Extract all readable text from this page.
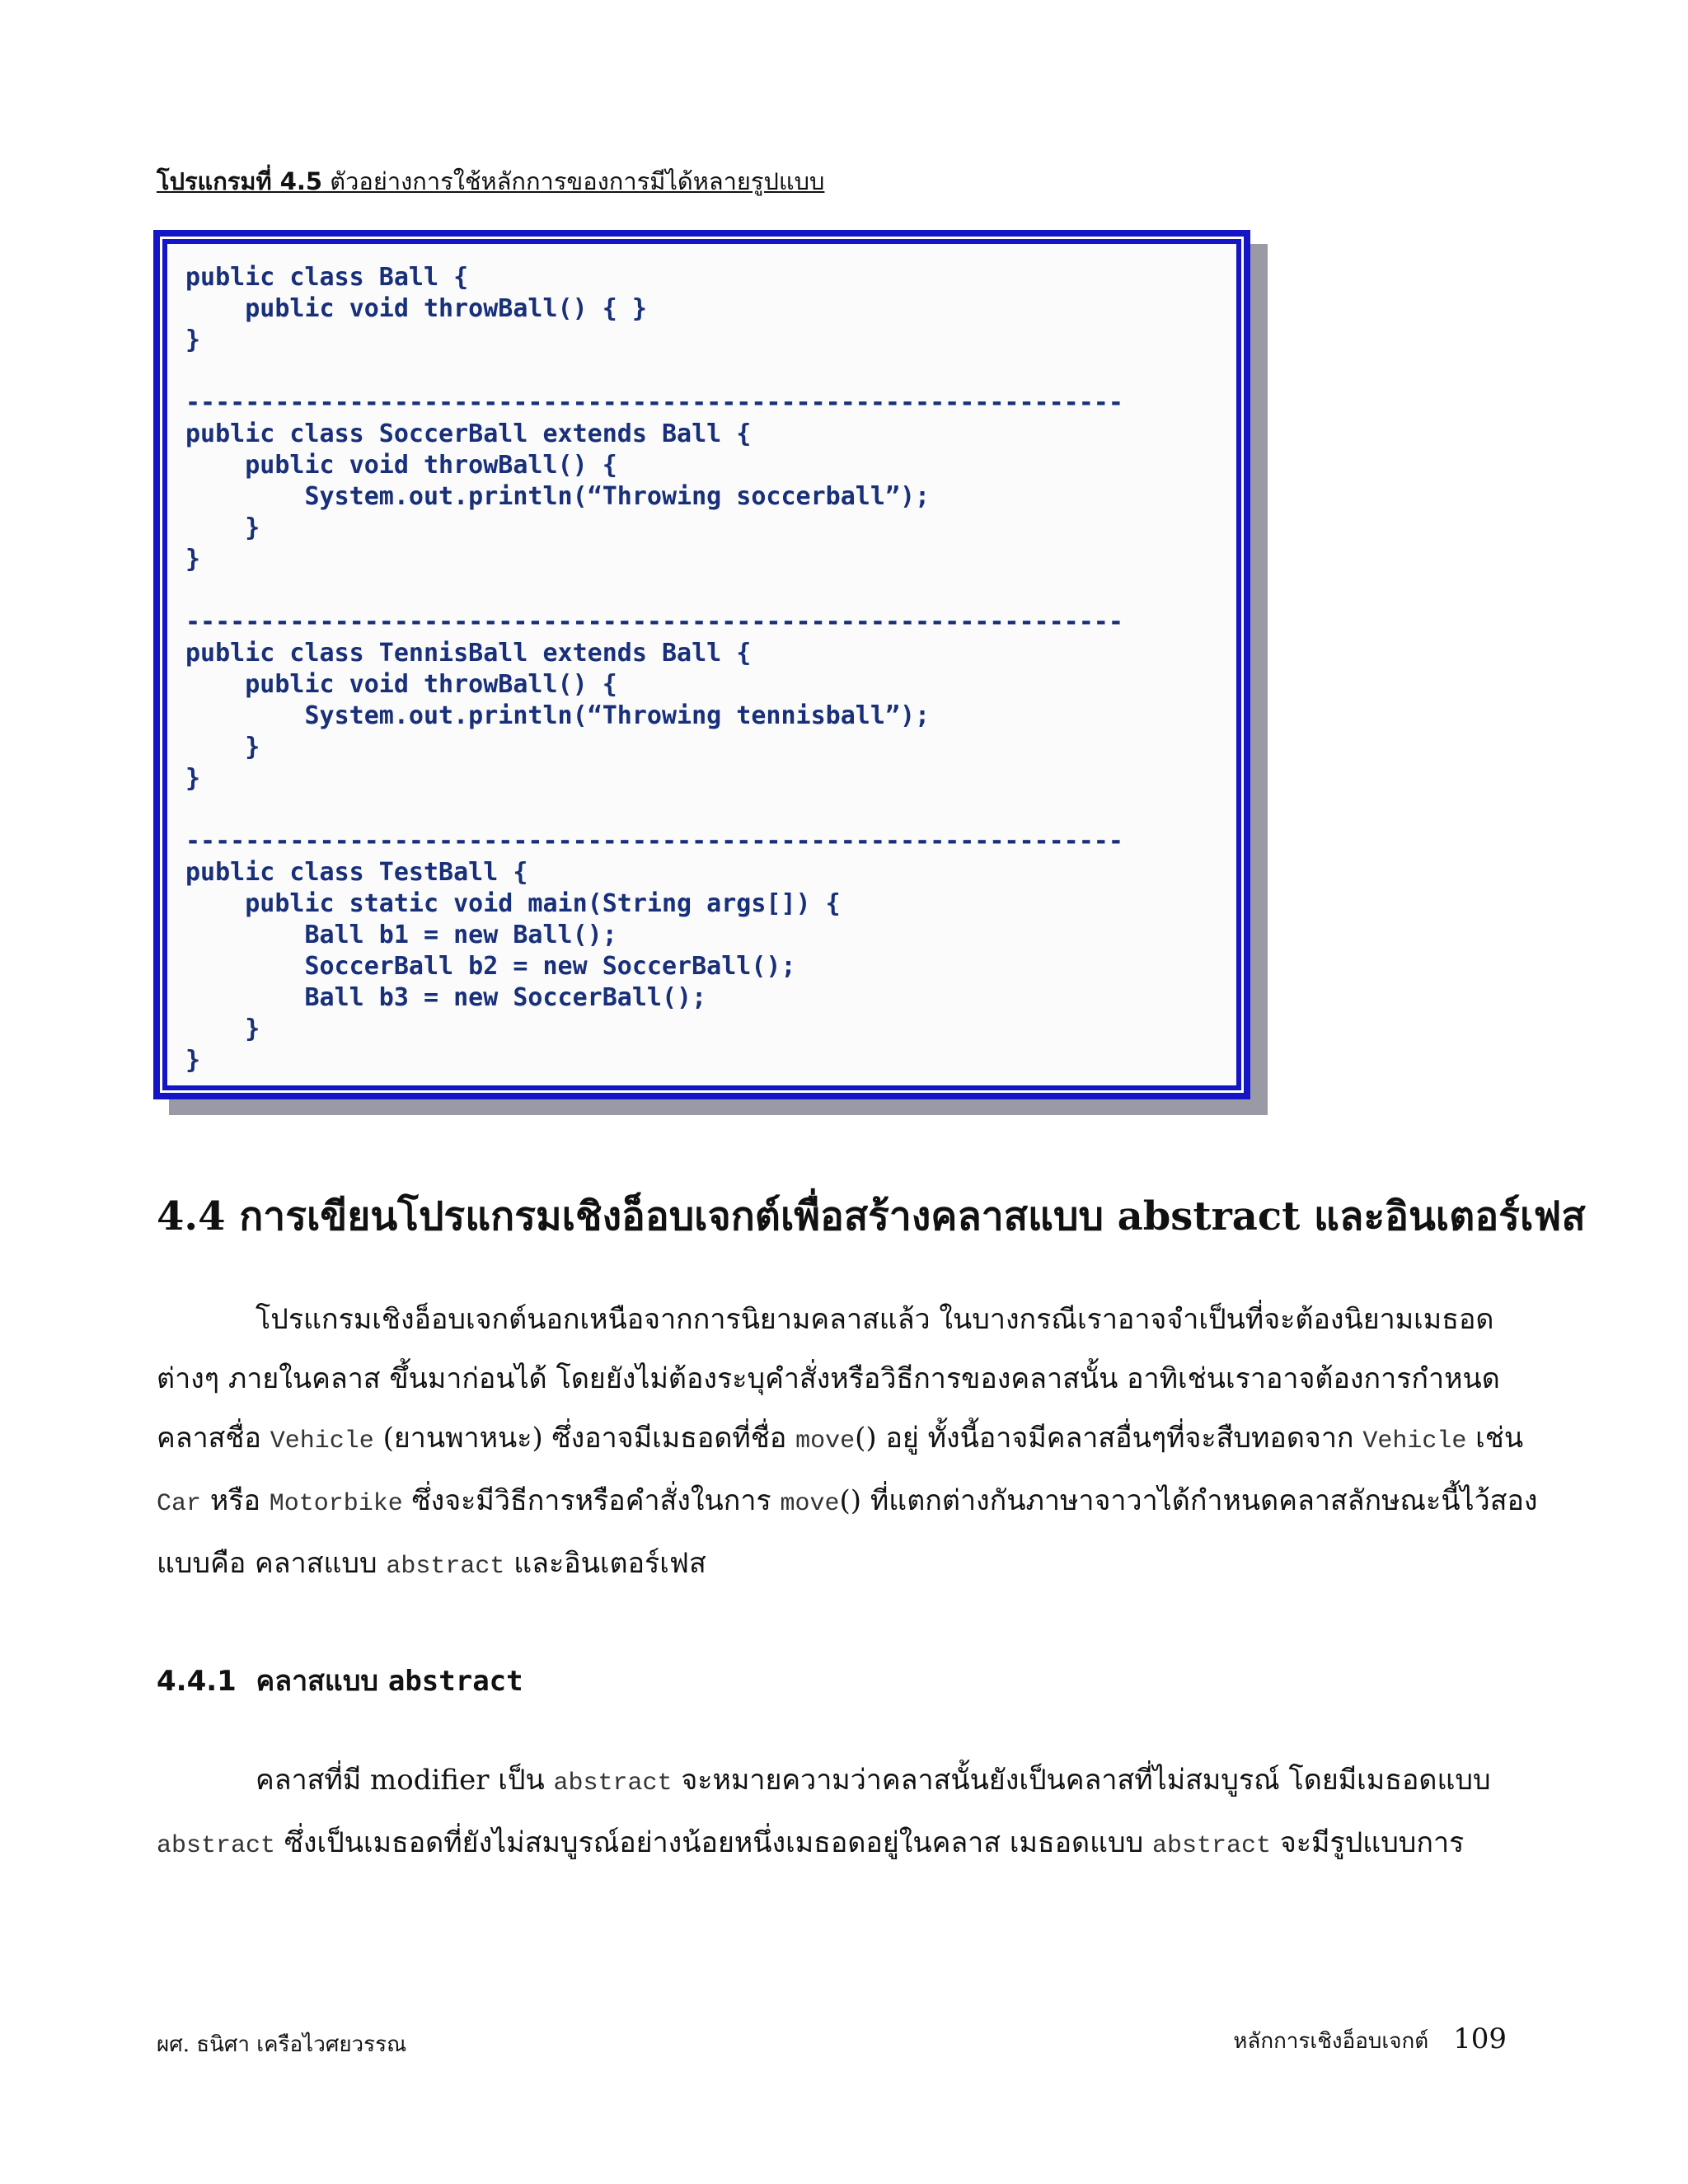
โปรแกรมที่ 4.5 ตัวอย่างการใช้หลักการของการมีได้หลายรูปแบบ
public class Ball {
public void throwBall() { }
}

---------------------------------------------------------------
public class SoccerBall extends Ball {
public void throwBall() {
System.out.println(“Throwing soccerball”);
}
}

---------------------------------------------------------------
public class TennisBall extends Ball {
public void throwBall() {
System.out.println(“Throwing tennisball”);
}
}

---------------------------------------------------------------
public class TestBall {
public static void main(String args[]) {
Ball b1 = new Ball();
SoccerBall b2 = new SoccerBall();
Ball b3 = new SoccerBall();
}
}
4.4 การเขียนโปรแกรมเชิงอ็อบเจกต์เพื่อสร้างคลาสแบบ abstract และอินเตอร์เฟส

โปรแกรมเชิงอ็อบเจกต์นอกเหนือจากการนิยามคลาสแล้ว ในบางกรณีเราอาจจำเป็นที่จะต้องนิยามเมธอดต่างๆ ภายในคลาส ขึ้นมาก่อนได้ โดยยังไม่ต้องระบุคำสั่งหรือวิธีการของคลาสนั้น อาทิเช่นเราอาจต้องการกำหนดคลาสชื่อ Vehicle (ยานพาหนะ) ซึ่งอาจมีเมธอดที่ชื่อ move() อยู่ ทั้งนี้อาจมีคลาสอื่นๆที่จะสืบทอดจาก Vehicle เช่น Car หรือ Motorbike ซึ่งจะมีวิธีการหรือคำสั่งในการ move() ที่แตกต่างกันภาษาจาวาได้กำหนดคลาสลักษณะนี้ไว้สอง แบบคือ คลาสแบบ abstract และอินเตอร์เฟส

4.4.1 คลาสแบบ abstract

คลาสที่มี modifier เป็น abstract จะหมายความว่าคลาสนั้นยังเป็นคลาสที่ไม่สมบูรณ์ โดยมีเมธอดแบบ abstract ซึ่งเป็นเมธอดที่ยังไม่สมบูรณ์อย่างน้อยหนึ่งเมธอดอยู่ในคลาส เมธอดแบบ abstract จะมีรูปแบบการ

ผศ. ธนิศา เครือไวศยวรรณ	หลักการเชิงอ็อบเจกต์ 109
